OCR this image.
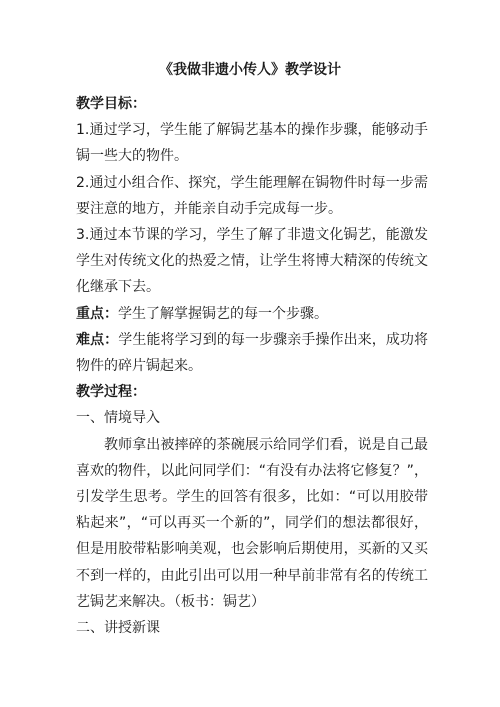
《我做非遗小传人》教学设计

教学目标：

1.通过学习，学生能了解锔艺基本的操作步骤，能够动手锔一些大的物件。

2.通过小组合作、探究，学生能理解在锔物件时每一步需要注意的地方，并能亲自动手完成每一步。

3.通过本节课的学习，学生了解了非遗文化锔艺，能激发学生对传统文化的热爱之情，让学生将博大精深的传统文化继承下去。

重点：学生了解掌握锔艺的每一个步骤。

难点：学生能将学习到的每一步骤亲手操作出来，成功将物件的碎片锔起来。

教学过程：

一、情境导入

教师拿出被摔碎的茶碗展示给同学们看，说是自己最喜欢的物件，以此问同学们：“有没有办法将它修复？”，引发学生思考。学生的回答有很多，比如：“可以用胶带粘起来”，“可以再买一个新的”，同学们的想法都很好，但是用胶带粘影响美观，也会影响后期使用，买新的又买不到一样的，由此引出可以用一种早前非常有名的传统工艺锔艺来解决。（板书：锔艺）

二、讲授新课
